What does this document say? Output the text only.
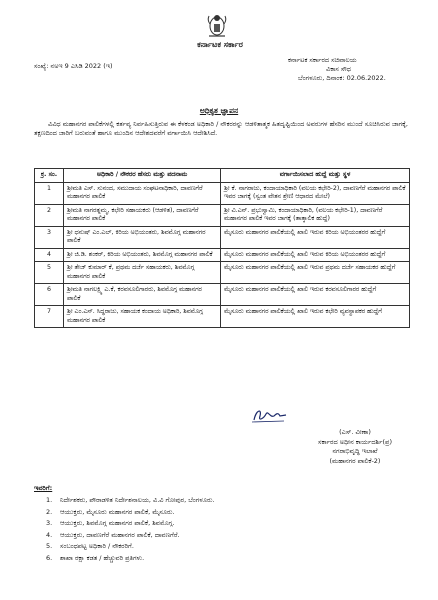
ಕರ್ನಾಟಕ ಸರ್ಕಾರ
ಸಂಖ್ಯೆ: ನಅಇ 9 ಎಸಿಡಿ 2022 (ಇ)
ಕರ್ನಾಟಕ ಸರ್ಕಾರದ ಸಚಿವಾಲಯ
ವಿಕಾಸ ಸೌಧ
ಬೆಂಗಳೂರು, ದಿನಾಂಕ: 02.06.2022.
ಅಧಿಕೃತ ಜ್ಞಾಪನ
ವಿವಿಧ ಮಹಾನಗರ ಪಾಲಿಕೆಗಳಲ್ಲಿ ಕರ್ತವ್ಯ ನಿರ್ವಹಿಸುತ್ತಿರುವ ಈ ಕೆಳಕಂಡ ಅಧಿಕಾರಿ / ನೌಕರರನ್ನು ಆಡಳಿತಾತ್ಮಕ ಹಿತದೃಷ್ಟಿಯಿಂದ ಅವರುಗಳ ಹೆಸರಿನ ಮುಂದೆ ಸೂಚಿಸಿರುವ ಜಾಗಕ್ಕೆ, ತಕ್ಷಣದಿಂದ ಜಾರಿಗೆ ಬರುವಂತೆ ಹಾಗೂ ಮುಂದಿನ ಆದೇಶದವರೆಗೆ ವರ್ಗಾಯಿಸಿ ಆದೇಶಿಸಿದೆ.
ಕ್ರ. ಸಂ.	ಅಧಿಕಾರಿ / ನೌಕರರ ಹೆಸರು ಮತ್ತು ಪದನಾಮ	ವರ್ಗಾಯಿಸಲಾದ ಹುದ್ದೆ ಮತ್ತು ಸ್ಥಳ
1	ಶ್ರೀಮತಿ ಎಸ್. ಸುನಂದ, ಸಮುದಾಯ ಸಂಘಟನಾಧಿಕಾರಿ, ದಾವಣಗೆರೆ ಮಹಾನಗರ ಪಾಲಿಕೆ	ಶ್ರೀ ಕೆ. ನಾಗರಾಜು, ಕಂದಾಯಾಧಿಕಾರಿ (ವಲಯ ಕಛೇರಿ-2), ದಾವಣಗೆರೆ ಮಹಾನಗರ ಪಾಲಿಕೆ ಇವರ ಜಾಗಕ್ಕೆ (ಸ್ವಂತ ವೇತನ ಶ್ರೇಣಿ ಆಧಾರದ ಮೇಲೆ)
2	ಶ್ರೀಮತಿ ನಾಗರತ್ನಮ್ಮ, ಕಛೇರಿ ಸಹಾಯಕರು (ಆಡಳಿತ), ದಾವಣಗೆರೆ ಮಹಾನಗರ ಪಾಲಿಕೆ	ಶ್ರೀ ವಿ.ಎನ್. ಪ್ರಭುಸ್ವಾಮಿ, ಕಂದಾಯಾಧಿಕಾರಿ, (ವಲಯ ಕಛೇರಿ-1), ದಾವಣಗೆರೆ ಮಹಾನಗರ ಪಾಲಿಕೆ ಇವರ ಜಾಗಕ್ಕೆ (ತಾತ್ಕಾಲಿಕ ಹುದ್ದೆ)
3	ಶ್ರೀ ಧನುಷ್ ಎಂ.ಎಲ್, ಕಿರಿಯ ಅಭಿಯಂತರು, ಶಿವಮೊಗ್ಗ ಮಹಾನಗರ ಪಾಲಿಕೆ	ಮೈಸೂರು ಮಹಾನಗರ ಪಾಲಿಕೆಯಲ್ಲಿ ಖಾಲಿ ಇರುವ ಕಿರಿಯ ಅಭಿಯಂತರರ ಹುದ್ದೆಗೆ
4	ಶ್ರೀ ಜಿ.ಡಿ. ಶಂಕರ್, ಕಿರಿಯ ಅಭಿಯಂತರು, ಶಿವಮೊಗ್ಗ ಮಹಾನಗರ ಪಾಲಿಕೆ	ಮೈಸೂರು ಮಹಾನಗರ ಪಾಲಿಕೆಯಲ್ಲಿ ಖಾಲಿ ಇರುವ ಕಿರಿಯ ಅಭಿಯಂತರರ ಹುದ್ದೆಗೆ
5	ಶ್ರೀ ತೇಜ್ ಕುಮಾರ್ ಕೆ, ಪ್ರಥಮ ದರ್ಜೆ ಸಹಾಯಕರು, ಶಿವಮೊಗ್ಗ ಮಹಾನಗರ ಪಾಲಿಕೆ	ಮೈಸೂರು ಮಹಾನಗರ ಪಾಲಿಕೆಯಲ್ಲಿ ಖಾಲಿ ಇರುವ ಪ್ರಥಮ ದರ್ಜೆ ಸಹಾಯಕರ ಹುದ್ದೆಗೆ
6	ಶ್ರೀಮತಿ ನಾಗಲಕ್ಷ್ಮಿ ಎ.ಕೆ, ಕರವಸೂಲಿಗಾರರು, ಶಿವಮೊಗ್ಗ ಮಹಾನಗರ ಪಾಲಿಕೆ	ಮೈಸೂರು ಮಹಾನಗರ ಪಾಲಿಕೆಯಲ್ಲಿ ಖಾಲಿ ಇರುವ ಕರವಸೂಲಿಗಾರರ ಹುದ್ದೆಗೆ
7	ಶ್ರೀ ಎಂ.ಎಸ್. ಸಿದ್ಧರಾಜು, ಸಹಾಯಕ ಕಂದಾಯ ಅಧಿಕಾರಿ, ಶಿವಮೊಗ್ಗ ಮಹಾನಗರ ಪಾಲಿಕೆ	ಮೈಸೂರು ಮಹಾನಗರ ಪಾಲಿಕೆಯಲ್ಲಿ ಖಾಲಿ ಇರುವ ಕಛೇರಿ ವ್ಯವಸ್ಥಾಪಕರ ಹುದ್ದೆಗೆ
(ಎಸ್. ವೀಣಾ)
ಸರ್ಕಾರದ ಅಧೀನ ಕಾರ್ಯದರ್ಶಿ(ಪ್ರ)
ನಗರಾಭಿವೃದ್ಧಿ ಇಲಾಖೆ
(ಮಹಾನಗರ ಪಾಲಿಕೆ-2)
ಇವರಿಗೆ:
1. ನಿರ್ದೇಶಕರು, ಪೌರಾಡಳಿತ ನಿರ್ದೇಶನಾಲಯ, ವಿ.ವಿ ಗೋಪುರ, ಬೆಂಗಳೂರು.
2. ಆಯುಕ್ತರು, ಮೈಸೂರು ಮಹಾನಗರ ಪಾಲಿಕೆ, ಮೈಸೂರು.
3. ಆಯುಕ್ತರು, ಶಿವಮೊಗ್ಗ ಮಹಾನಗರ ಪಾಲಿಕೆ, ಶಿವಮೊಗ್ಗ.
4. ಆಯುಕ್ತರು, ದಾವಣಗೆರೆ ಮಹಾನಗರ ಪಾಲಿಕೆ, ದಾವಣಗೆರೆ.
5. ಸಂಬಂಧಪಟ್ಟ ಅಧಿಕಾರಿ / ನೌಕರರಿಗೆ.
6. ಶಾಖಾ ರಕ್ಷಾ ಕಡತ / ಹೆಚ್ಚುವರಿ ಪ್ರತಿಗಳು.
